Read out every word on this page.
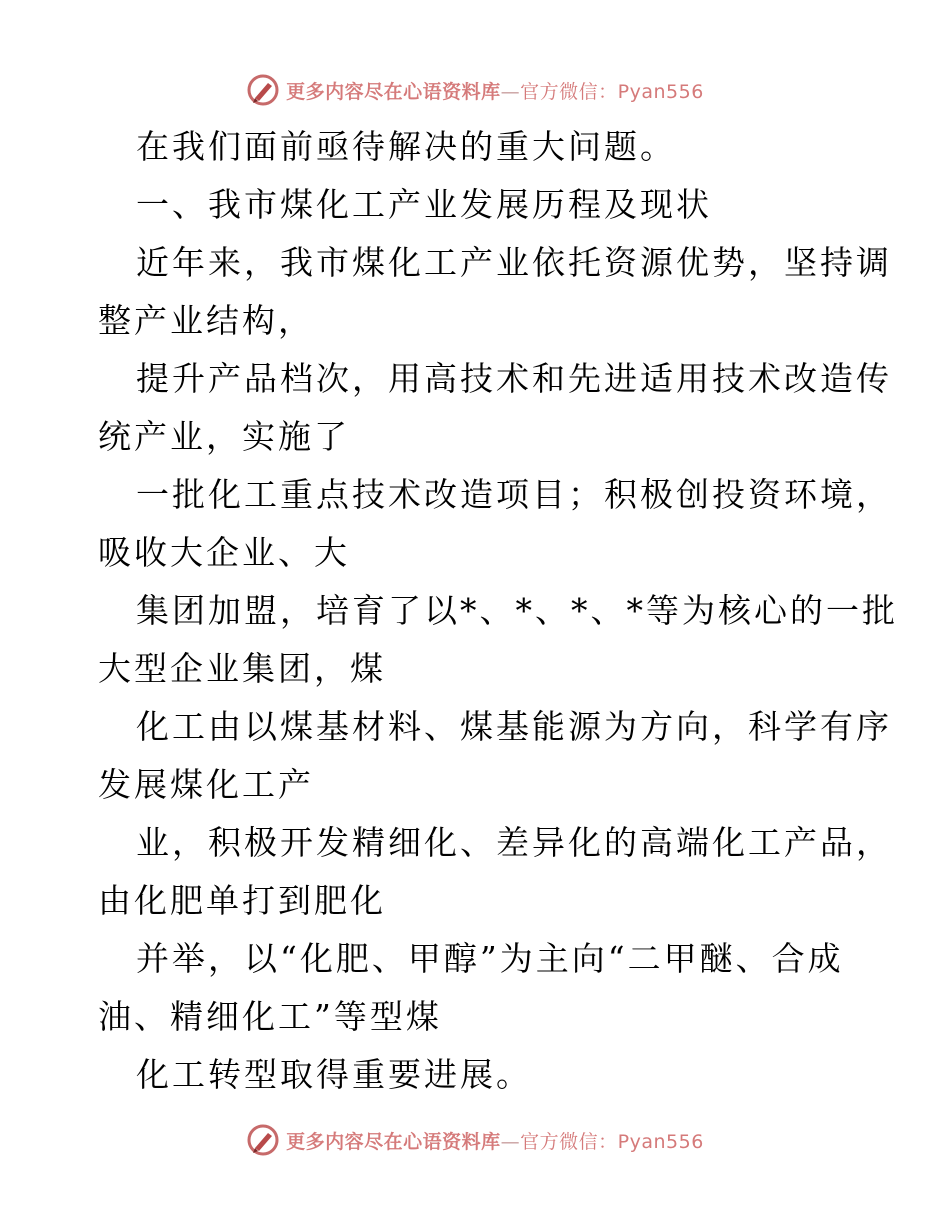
更多内容尽在心语资料库—官方微信：Pyan556
在我们面前亟待解决的重大问题。
一、我市煤化工产业发展历程及现状
近年来，我市煤化工产业依托资源优势，坚持调
整产业结构，
提升产品档次，用高技术和先进适用技术改造传
统产业，实施了
一批化工重点技术改造项目；积极创投资环境，
吸收大企业、大
集团加盟，培育了以*、*、*、*等为核心的一批
大型企业集团，煤
化工由以煤基材料、煤基能源为方向，科学有序
发展煤化工产
业，积极开发精细化、差异化的高端化工产品，
由化肥单打到肥化
并举，以“化肥、甲醇”为主向“二甲醚、合成
油、精细化工”等型煤
化工转型取得重要进展。
更多内容尽在心语资料库—官方微信：Pyan556
